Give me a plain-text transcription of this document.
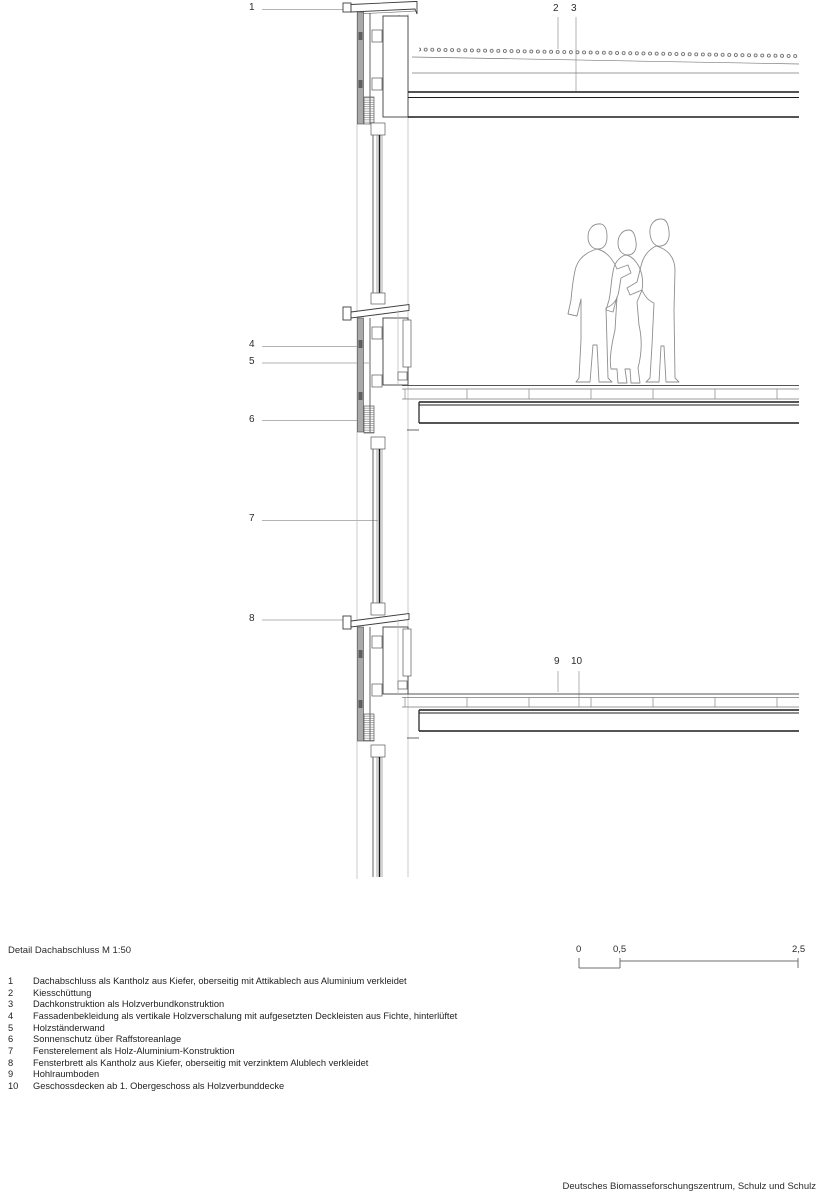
1	2 3
4
5
6
7
8
9 10
Detail Dachabschluss M 1:50
1 Dachabschluss als Kantholz aus Kiefer, oberseitig mit Attikablech aus Aluminium verkleidet
2 Kiesschüttung
3 Dachkonstruktion als Holzverbundkonstruktion
4 Fassadenbekleidung als vertikale Holzverschalung mit aufgesetzten Deckleisten aus Fichte, hinterlüftet
5 Holzständerwand
6 Sonnenschutz über Raffstoreanlage
7 Fensterelement als Holz-Aluminium-Konstruktion
8 Fensterbrett als Kantholz aus Kiefer, oberseitig mit verzinktem Alublech verkleidet
9 Hohlraumboden
10 Geschossdecken ab 1. Obergeschoss als Holzverbunddecke
0	0,5	2,5
Deutsches Biomasseforschungszentrum, Schulz und Schulz
